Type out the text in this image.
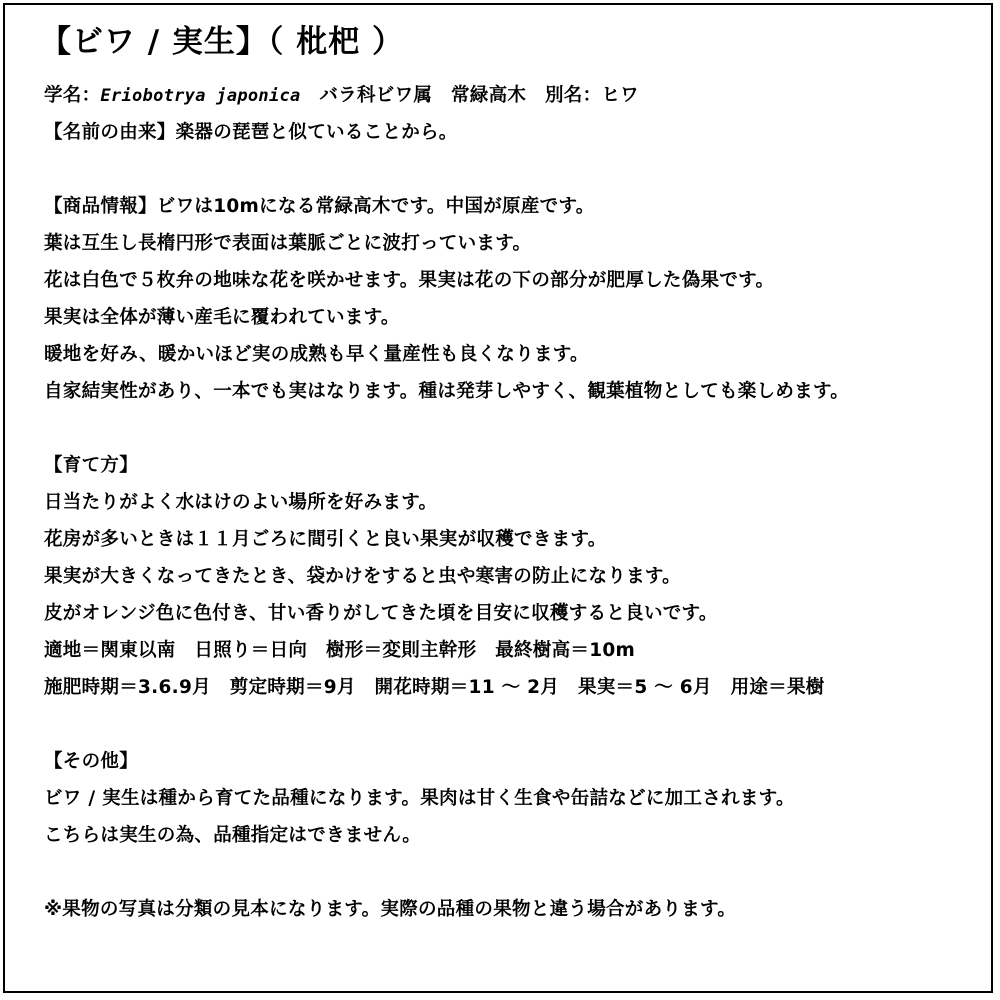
【ビワ / 実生】（ 枇杷 ）
学名：Eriobotrya japonica　バラ科ビワ属　常緑高木　別名：ヒワ
【名前の由来】楽器の琵琶と似ていることから。
【商品情報】ビワは10mになる常緑高木です。中国が原産です。
葉は互生し長楕円形で表面は葉脈ごとに波打っています。
花は白色で５枚弁の地味な花を咲かせます。果実は花の下の部分が肥厚した偽果です。
果実は全体が薄い産毛に覆われています。
暖地を好み、暖かいほど実の成熟も早く量産性も良くなります。
自家結実性があり、一本でも実はなります。種は発芽しやすく、観葉植物としても楽しめます。
【育て方】
日当たりがよく水はけのよい場所を好みます。
花房が多いときは１１月ごろに間引くと良い果実が収穫できます。
果実が大きくなってきたとき、袋かけをすると虫や寒害の防止になります。
皮がオレンジ色に色付き、甘い香りがしてきた頃を目安に収穫すると良いです。
適地＝関東以南　日照り＝日向　樹形＝変則主幹形　最終樹高＝10m
施肥時期＝3.6.9月　剪定時期＝9月　開花時期＝11 ～ 2月　果実＝5 ～ 6月　用途＝果樹
【その他】
ビワ / 実生は種から育てた品種になります。果肉は甘く生食や缶詰などに加工されます。
こちらは実生の為、品種指定はできません。
※果物の写真は分類の見本になります。実際の品種の果物と違う場合があります。
